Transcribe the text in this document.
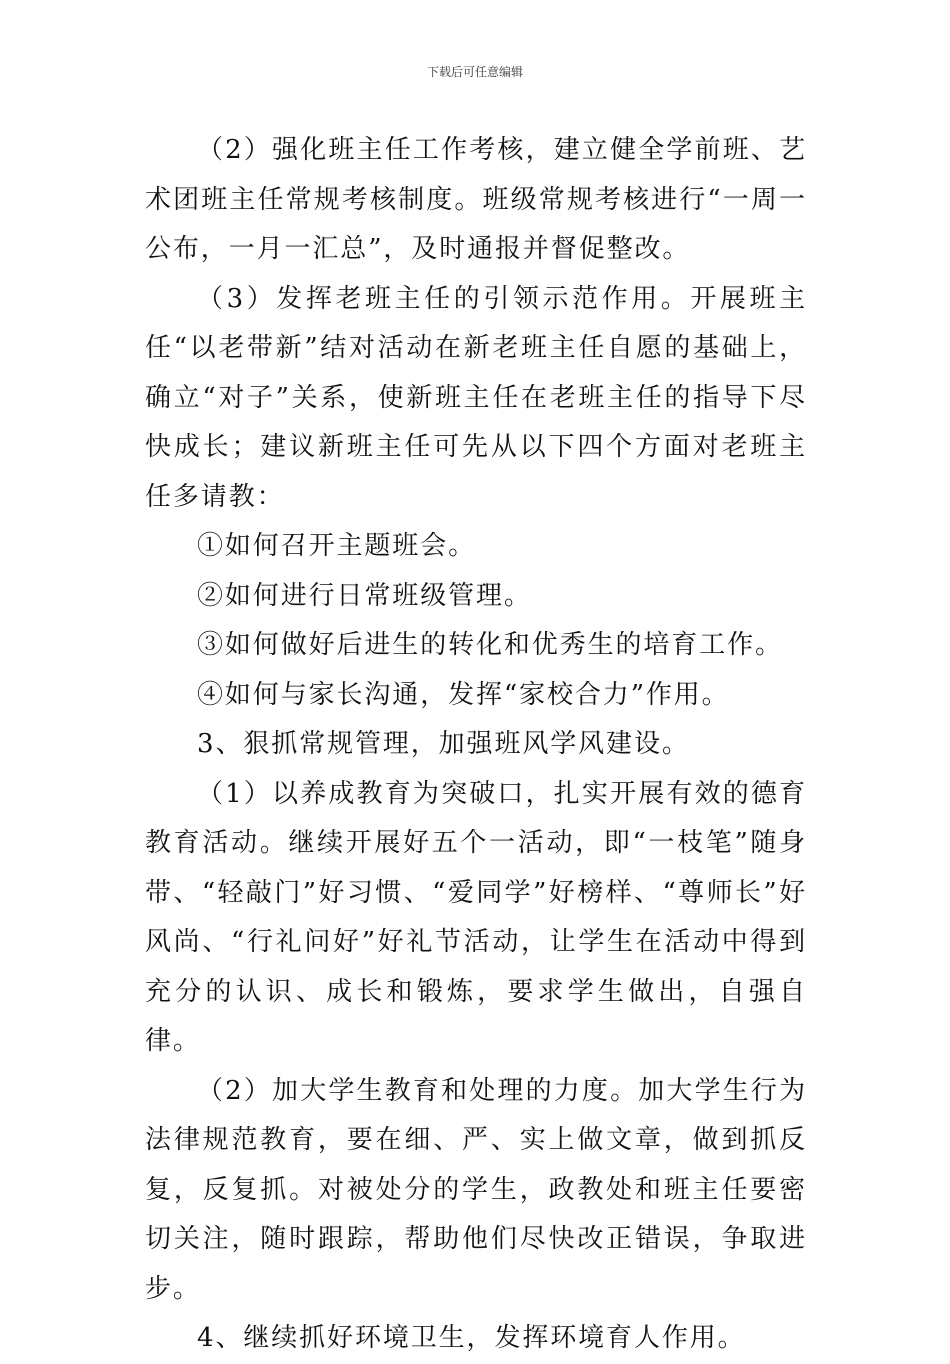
下载后可任意编辑

（2）强化班主任工作考核，建立健全学前班、艺术团班主任常规考核制度。班级常规考核进行“一周一公布，一月一汇总”，及时通报并督促整改。

（3）发挥老班主任的引领示范作用。开展班主任“以老带新”结对活动在新老班主任自愿的基础上，确立“对子”关系，使新班主任在老班主任的指导下尽快成长；建议新班主任可先从以下四个方面对老班主任多请教：

①如何召开主题班会。

②如何进行日常班级管理。

③如何做好后进生的转化和优秀生的培育工作。

④如何与家长沟通，发挥“家校合力”作用。

3、狠抓常规管理，加强班风学风建设。

（1）以养成教育为突破口，扎实开展有效的德育教育活动。继续开展好五个一活动，即“一枝笔”随身带、“轻敲门”好习惯、“爱同学”好榜样、“尊师长”好风尚、“行礼问好”好礼节活动，让学生在活动中得到充分的认识、成长和锻炼，要求学生做出，自强自律。

（2）加大学生教育和处理的力度。加大学生行为法律规范教育，要在细、严、实上做文章，做到抓反复，反复抓。对被处分的学生，政教处和班主任要密切关注，随时跟踪，帮助他们尽快改正错误，争取进步。

4、继续抓好环境卫生，发挥环境育人作用。
